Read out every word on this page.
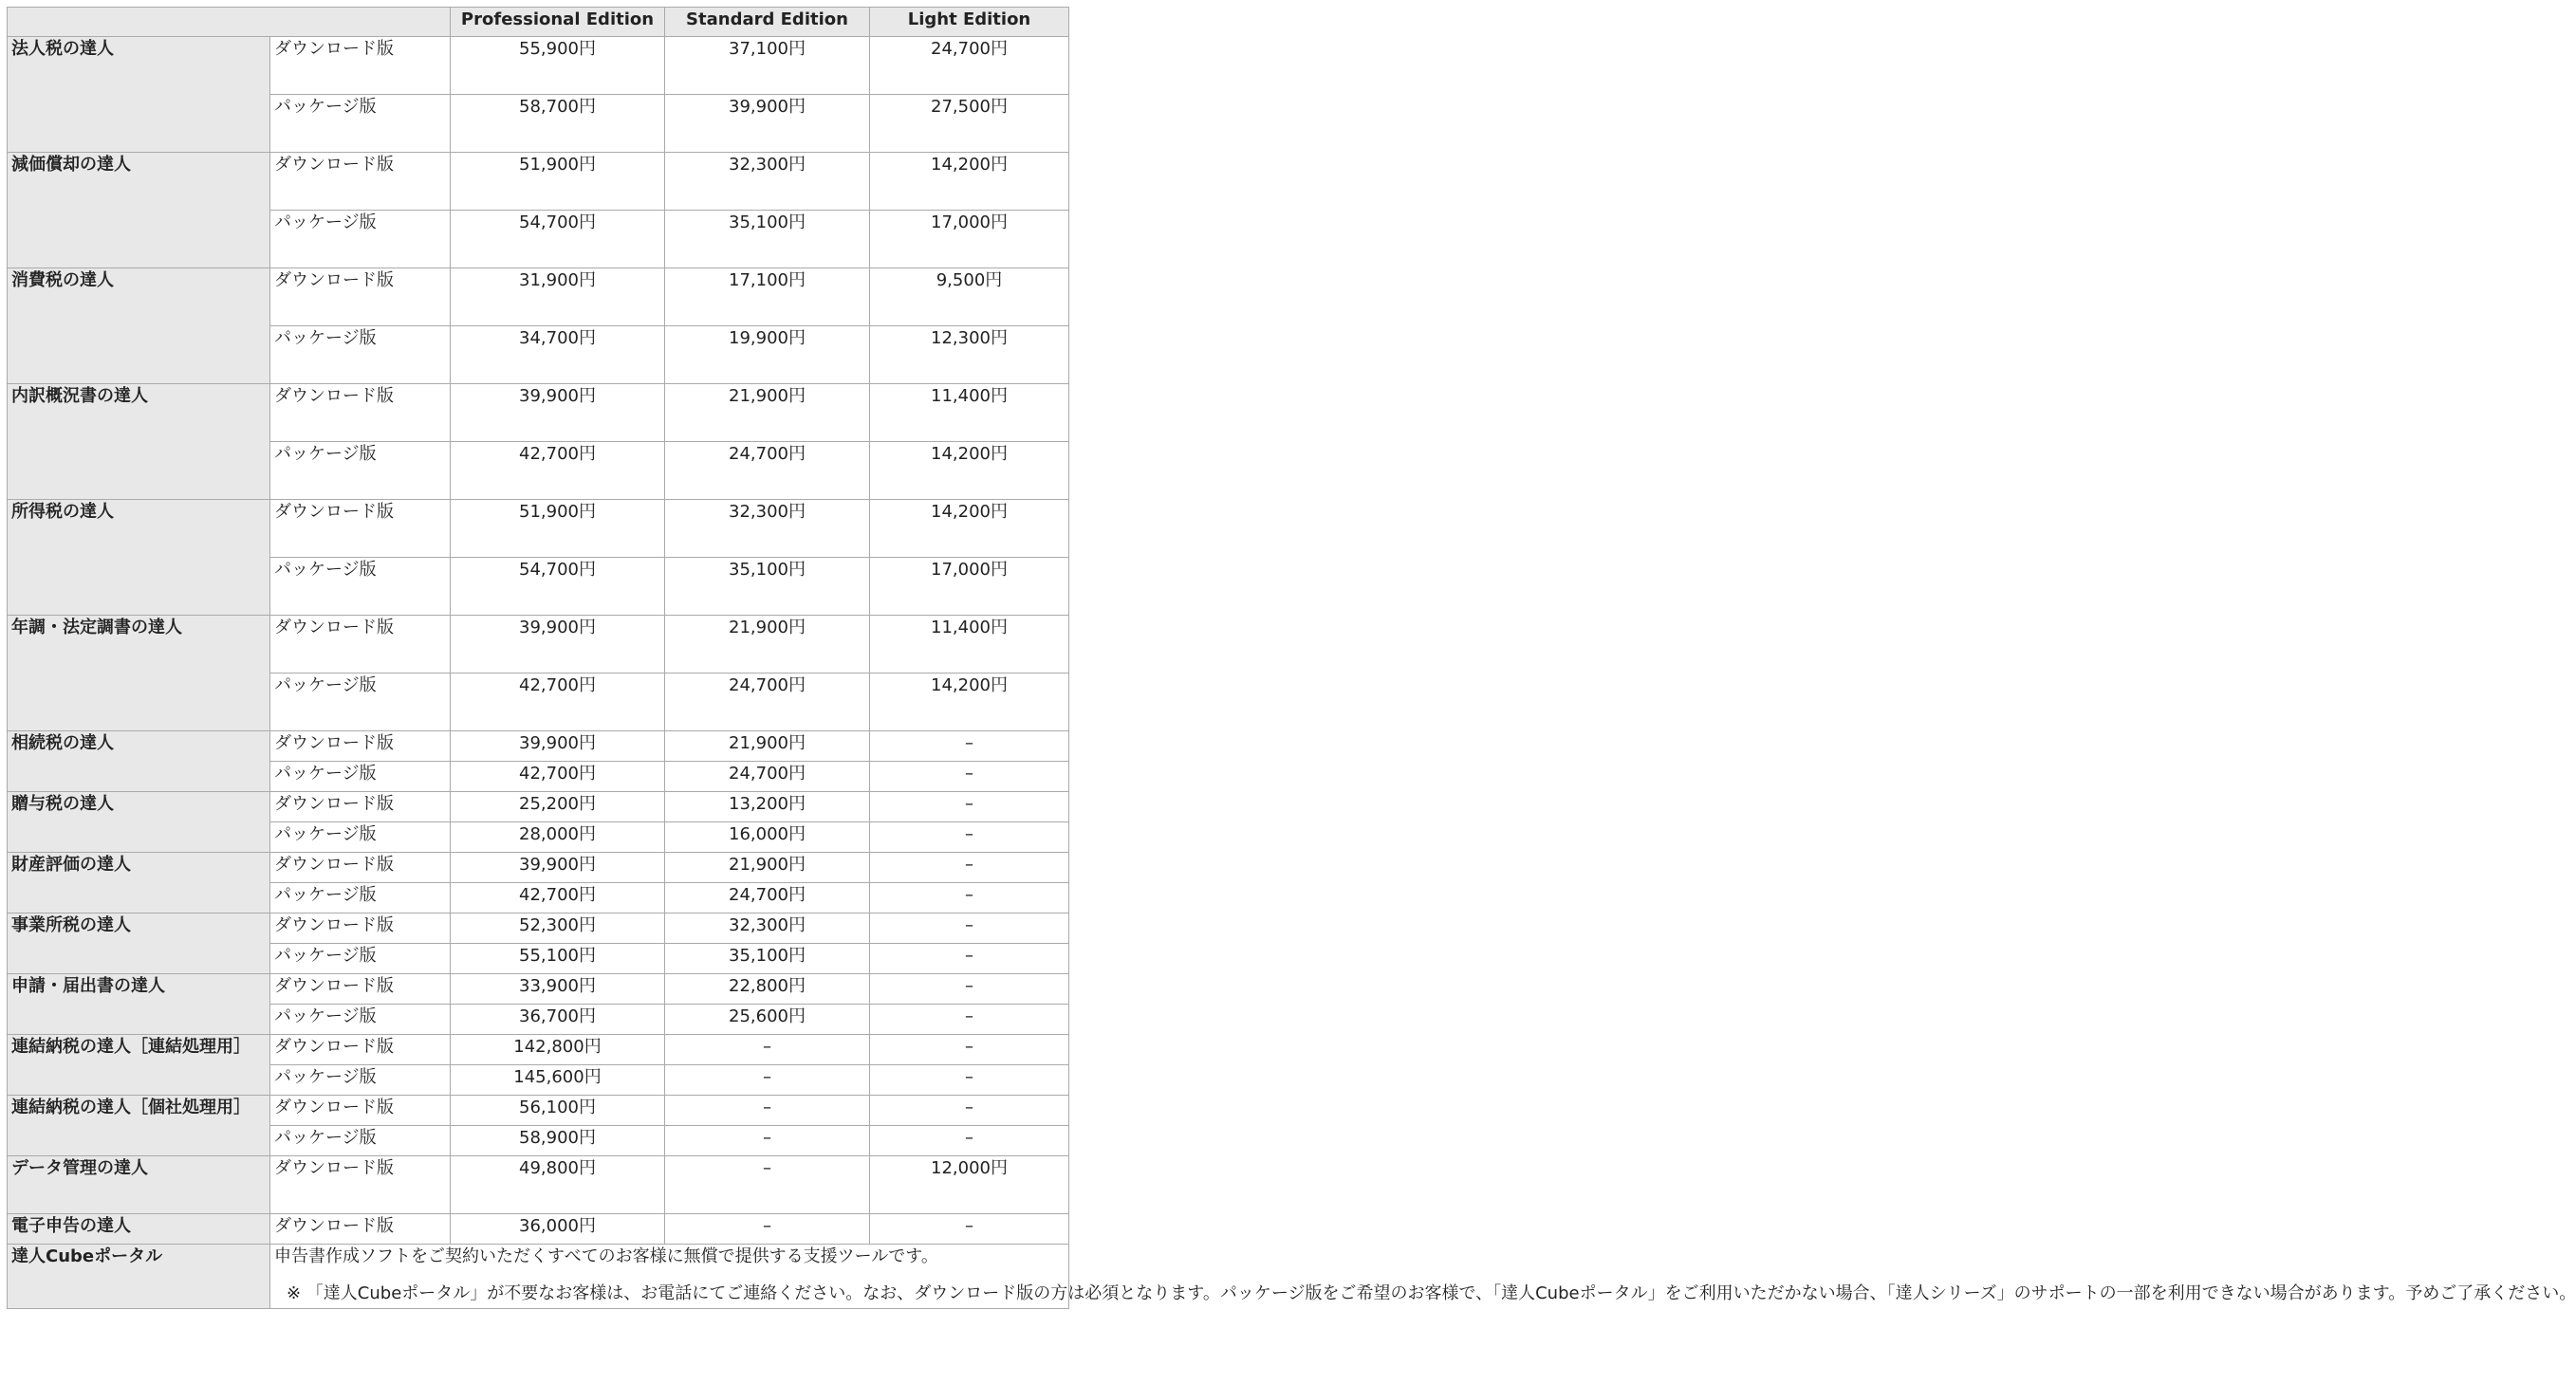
		Professional Edition	Standard Edition	Light Edition
法人税の達人	ダウンロード版	55,900円	37,100円	24,700円
	パッケージ版	58,700円	39,900円	27,500円
減価償却の達人	ダウンロード版	51,900円	32,300円	14,200円
	パッケージ版	54,700円	35,100円	17,000円
消費税の達人	ダウンロード版	31,900円	17,100円	9,500円
	パッケージ版	34,700円	19,900円	12,300円
内訳概況書の達人	ダウンロード版	39,900円	21,900円	11,400円
	パッケージ版	42,700円	24,700円	14,200円
所得税の達人	ダウンロード版	51,900円	32,300円	14,200円
	パッケージ版	54,700円	35,100円	17,000円
年調・法定調書の達人	ダウンロード版	39,900円	21,900円	11,400円
	パッケージ版	42,700円	24,700円	14,200円
相続税の達人	ダウンロード版	39,900円	21,900円	–
	パッケージ版	42,700円	24,700円	–
贈与税の達人	ダウンロード版	25,200円	13,200円	–
	パッケージ版	28,000円	16,000円	–
財産評価の達人	ダウンロード版	39,900円	21,900円	–
	パッケージ版	42,700円	24,700円	–
事業所税の達人	ダウンロード版	52,300円	32,300円	–
	パッケージ版	55,100円	35,100円	–
申請・届出書の達人	ダウンロード版	33,900円	22,800円	–
	パッケージ版	36,700円	25,600円	–
連結納税の達人［連結処理用］	ダウンロード版	142,800円	–	–
	パッケージ版	145,600円	–	–
連結納税の達人［個社処理用］	ダウンロード版	56,100円	–	–
	パッケージ版	58,900円	–	–
データ管理の達人	ダウンロード版	49,800円	–	12,000円
電子申告の達人	ダウンロード版	36,000円	–	–
達人Cubeポータル	申告書作成ソフトをご契約いただくすべてのお客様に無償で提供する支援ツールです。
※ 「達人Cubeポータル」が不要なお客様は、お電話にてご連絡ください。なお、ダウンロード版の方は必須となります。パッケージ版をご希望のお客様で、「達人Cubeポータル」をご利用いただかない場合、「達人シリーズ」のサポートの一部を利用できない場合があります。予めご了承ください。			
